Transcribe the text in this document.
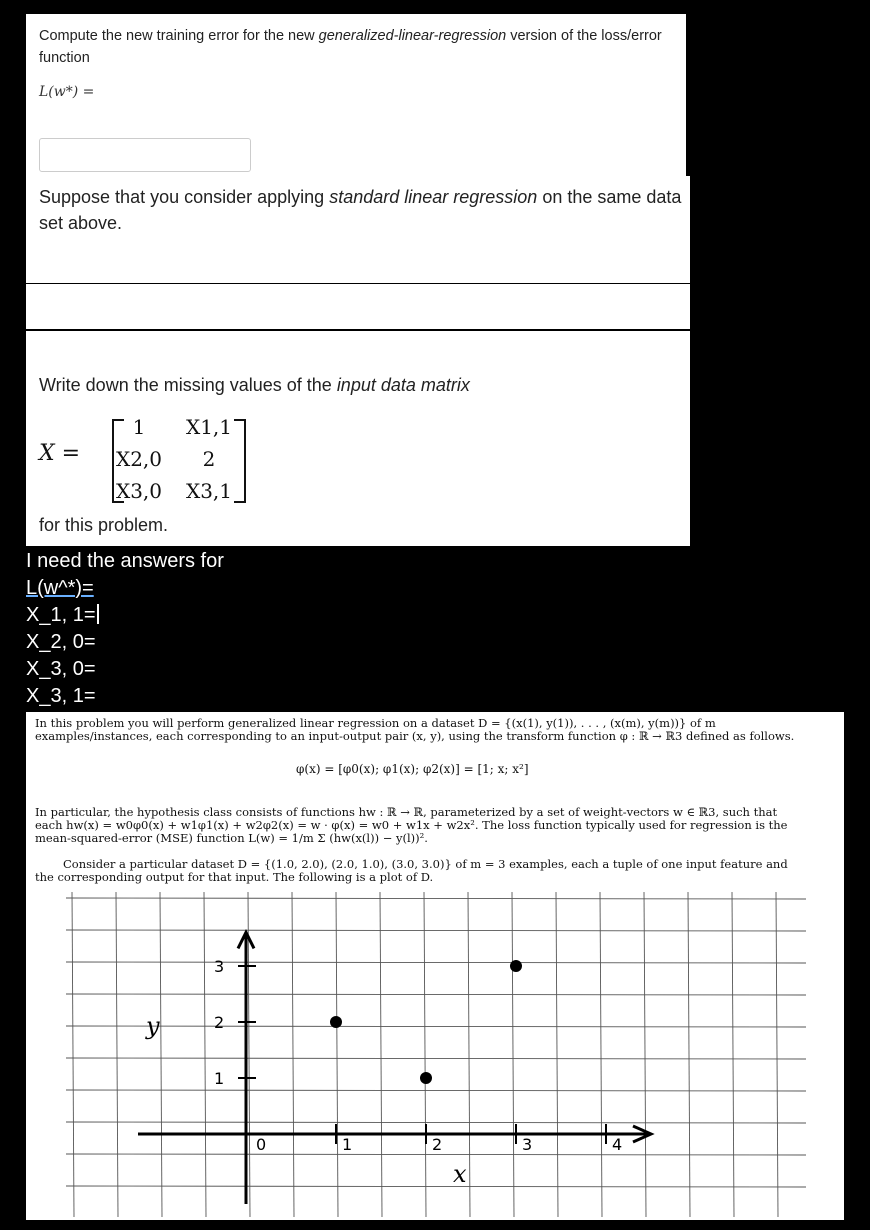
Compute the new training error for the new generalized-linear-regression version of the loss/error function
L(w*) =
Suppose that you consider applying standard linear regression on the same data set above.
Write down the missing values of the input data matrix
X =
1	X1,1
X2,0	2
X3,0	X3,1
for this problem.
I need the answers for
L(w^*)=
X_1, 1=
X_2, 0=
X_3, 0=
X_3, 1=

In this problem you will perform generalized linear regression on a dataset D = {(x(1), y(1)), . . . , (x(m), y(m))} of m examples/instances, each corresponding to an input-output pair (x, y), using the transform function φ : ℝ → ℝ3 defined as follows.

φ(x) = [φ0(x); φ1(x); φ2(x)] = [1; x; x²]

In particular, the hypothesis class consists of functions hw : ℝ → ℝ, parameterized by a set of weight-vectors w ∈ ℝ3, such that each hw(x) = w0φ0(x) + w1φ1(x) + w2φ2(x) = w · φ(x) = w0 + w1x + w2x². The loss function typically used for regression is the mean-squared-error (MSE) function L(w) = 1/m Σ (hw(x(l)) − y(l))².

Consider a particular dataset D = {(1.0, 2.0), (2.0, 1.0), (3.0, 3.0)} of m = 3 examples, each a tuple of one input feature and the corresponding output for that input. The following is a plot of D.

0	1	2	3	4
1
2
3
x
y
